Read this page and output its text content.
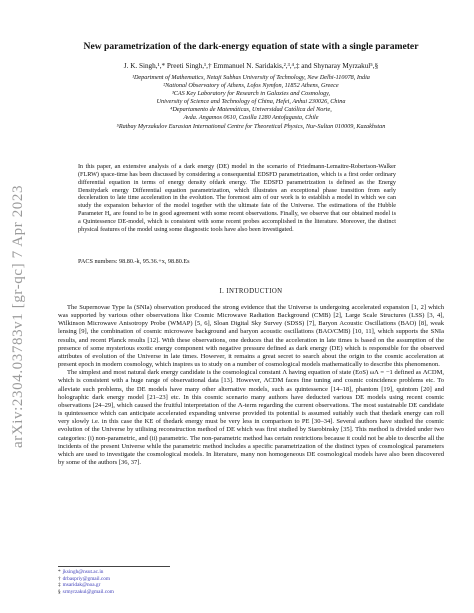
arXiv:2304.03783v1 [gr-qc] 7 Apr 2023
New parametrization of the dark-energy equation of state with a single parameter
J. K. Singh,¹,* Preeti Singh,¹,† Emmanuel N. Saridakis,²,³,⁴,‡ and Shynaray Myrzakul⁵,§
¹Department of Mathematics, Netaji Subhas University of Technology, New Delhi-110078, India
²National Observatory of Athens, Lofos Nymfon, 11852 Athens, Greece
³CAS Key Laboratory for Research in Galaxies and Cosmology,
University of Science and Technology of China, Hefei, Anhui 230026, China
⁴Departamento de Matemáticas, Universidad Católica del Norte,
Avda. Angamos 0610, Casilla 1280 Antofagasta, Chile
⁵Ratbay Myrzakulov Eurasian International Centre for Theoretical Physics, Nur-Sultan 010009, Kazakhstan
In this paper, an extensive analysis of a dark energy (DE) model in the scenario of Friedmann-Lemaitre-Robertson-Walker (FLRW) space-time has been discussed by considering a consequential EDSFD parametrization, which is a first order ordinary differential equation in terms of energy density ofdark energy. The EDSFD parametrization is defined as the Energy Densitydark energy Differential equation parametrization, which illustrates an exceptional phase transition from early deceleration to late time acceleration in the evolution. The foremost aim of our work is to establish a model in which we can study the expansion behavior of the model together with the ultimate fate of the Universe. The estimations of the Hubble Parameter H₀ are found to be in good agreement with some recent observations. Finally, we observe that our obtained model is a Quintessence DE-model, which is consistent with some recent probes accomplished in the literature. Moreover, the distinct physical features of the model using some diagnostic tools have also been investigated.
PACS numbers: 98.80.-k, 95.36.+x, 98.80.Es
I. INTRODUCTION

The Supernovae Type Ia (SNIa) observation produced the strong evidence that the Universe is undergoing accelerated expansion [1, 2] which was supported by various other observations like Cosmic Microwave Radiation Background (CMB) [2], Large Scale Structures (LSS) [3, 4], Wilkinson Microwave Anisotropy Probe (WMAP) [5, 6], Sloan Digital Sky Survey (SDSS) [7], Baryon Acoustic Oscillations (BAO) [8], weak lensing [9], the combination of cosmic microwave background and baryon acoustic oscillations (BAO/CMB) [10, 11], which supports the SNIa results, and recent Planck results [12]. With these observations, one deduces that the acceleration in late times is based on the assumption of the presence of some mysterious exotic energy component with negative pressure defined as dark energy (DE) which is responsible for the observed attributes of evolution of the Universe in late times. However, it remains a great secret to search about the origin to the cosmic acceleration at present epoch in modern cosmology, which inspires us to study on a number of cosmological models mathematically to describe this phenomenon.

The simplest and most natural dark energy candidate is the cosmological constant Λ having equation of state (EoS) ωΛ = −1 defined as ΛCDM, which is consistent with a huge range of observational data [13]. However, ΛCDM faces fine tuning and cosmic coincidence problems etc. To alleviate such problems, the DE models have many other alternative models, such as quintessence [14–18], phantom [19], quintom [20] and holographic dark energy model [21–23] etc. In this cosmic scenario many authors have deducted various DE models using recent cosmic observations [24–29], which caused the fruitful interpretation of the Λ-term regarding the current observations. The most sustainable DE candidate is quintessence which can anticipate accelerated expanding universe provided its potential is assumed suitably such that thedark energy can roll very slowly i.e. in this case the KE of thedark energy must be very less in comparison to PE [30–34]. Several authors have studied the cosmic evolution of the Universe by utilising reconstruction method of DE which was first studied by Starobinsky [35]. This method is divided under two categories: (i) non-parametric, and (ii) parametric. The non-parametric method has certain restrictions because it could not be able to describe all the incidents of the present Universe while the parametric method includes a specific parametrization of the distinct types of cosmological parameters which are used to investigate the cosmological models. In literature, many non homogeneous DE cosmological models have also been discovered by some of the authors [36, 37].

* jksingh@nsut.ac.in
† drbaspriy@gmail.com
‡ msaridak@noa.gr
§ srmyrzakul@gmail.com
